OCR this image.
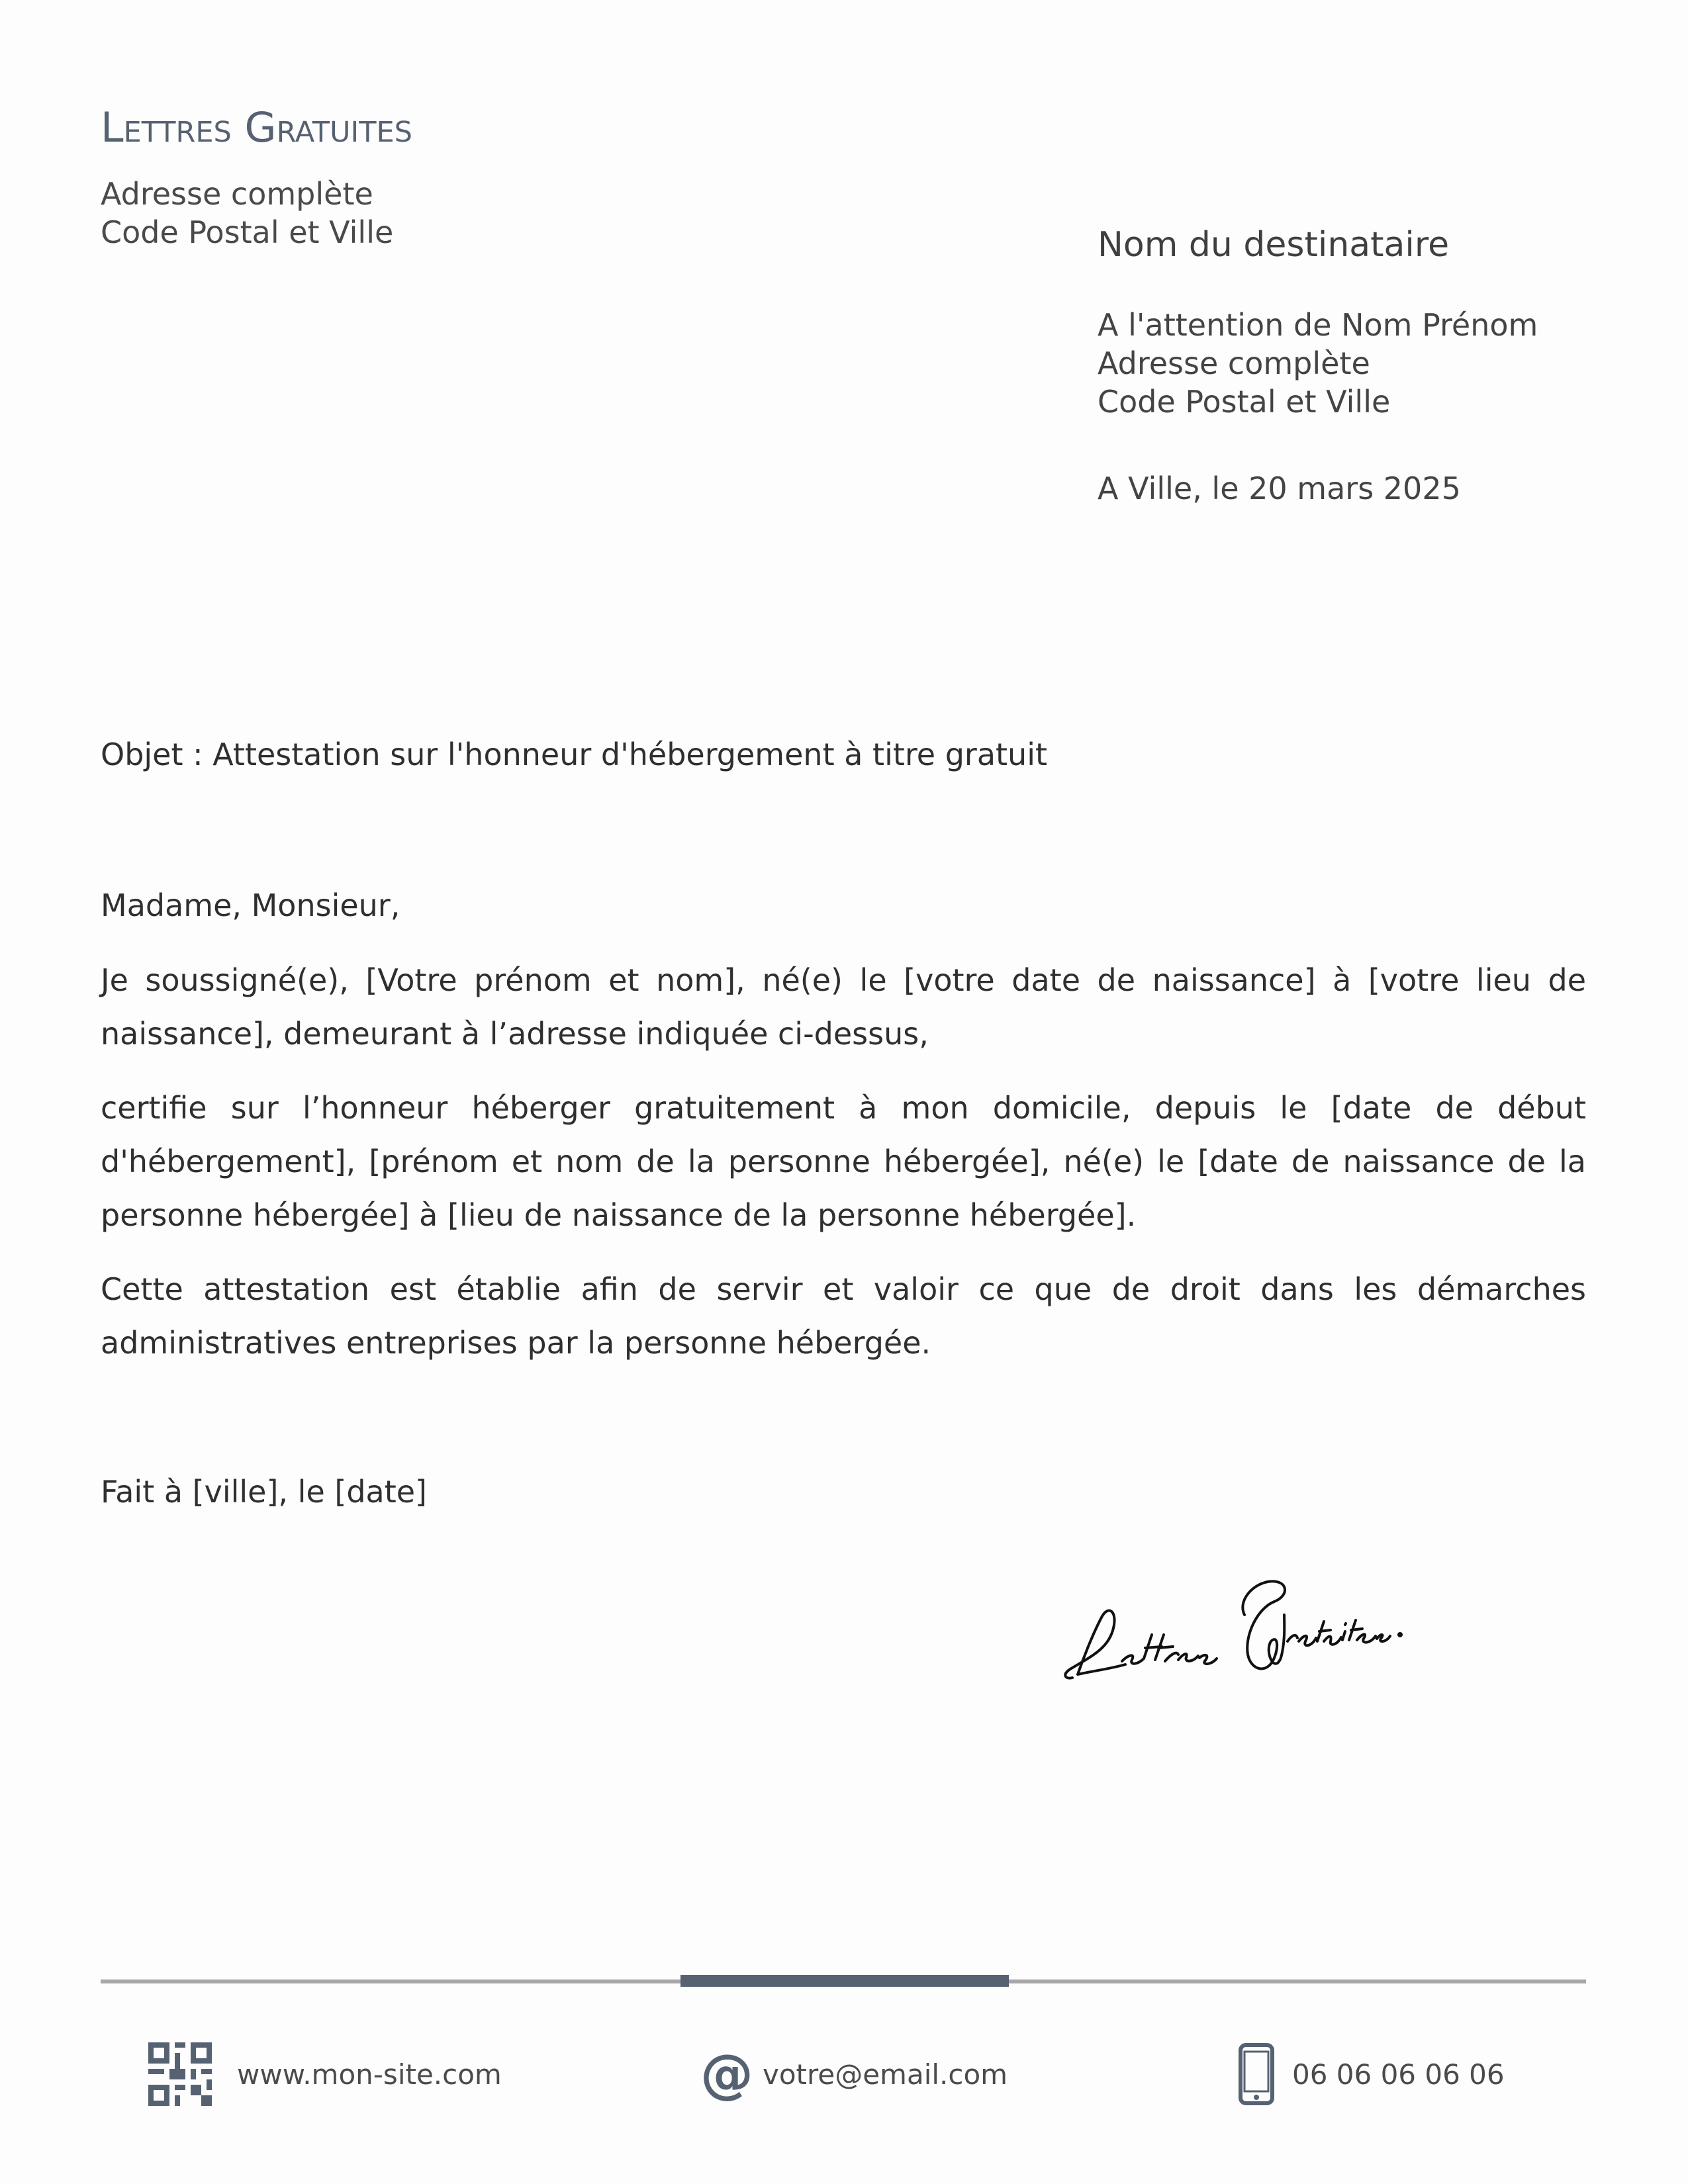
Lettres Gratuites
Adresse complète
Code Postal et Ville	Nom du destinataire
A l'attention de Nom Prénom
Adresse complète
Code Postal et Ville
A Ville, le 20 mars 2025
Objet : Attestation sur l'honneur d'hébergement à titre gratuit
Madame, Monsieur,

Je soussigné(e), [Votre prénom et nom], né(e) le [votre date de naissance] à [votre lieu de naissance], demeurant à l’adresse indiquée ci-dessus,

certifie sur l’honneur héberger gratuitement à mon domicile, depuis le [date de début d'hébergement], [prénom et nom de la personne hébergée], né(e) le [date de naissance de la personne hébergée] à [lieu de naissance de la personne hébergée].

Cette attestation est établie afin de servir et valoir ce que de droit dans les démarches administratives entreprises par la personne hébergée.

Fait à [ville], le [date]
www.mon-site.com	@ votre@email.com	06 06 06 06 06
